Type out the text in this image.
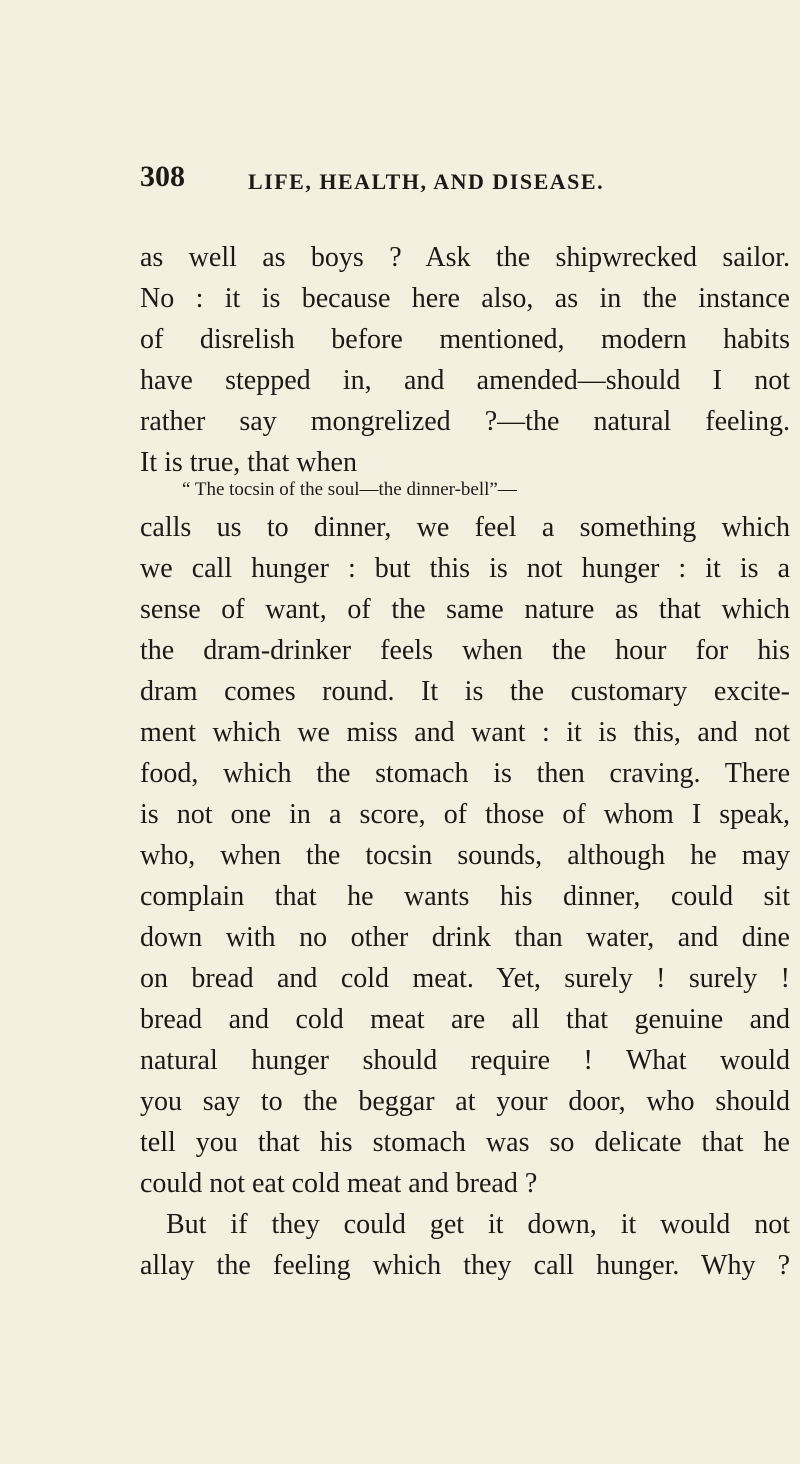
308	LIFE, HEALTH, AND DISEASE.
as well as boys ? Ask the shipwrecked sailor.
No : it is because here also, as in the instance
of disrelish before mentioned, modern habits
have stepped in, and amended—should I not
rather say mongrelized ?—the natural feeling.
It is true, that when
“ The tocsin of the soul—the dinner-bell”—
calls us to dinner, we feel a something which
we call hunger : but this is not hunger : it is a
sense of want, of the same nature as that which
the dram-drinker feels when the hour for his
dram comes round. It is the customary excite-
ment which we miss and want : it is this, and not
food, which the stomach is then craving. There
is not one in a score, of those of whom I speak,
who, when the tocsin sounds, although he may
complain that he wants his dinner, could sit
down with no other drink than water, and dine
on bread and cold meat. Yet, surely ! surely !
bread and cold meat are all that genuine and
natural hunger should require ! What would
you say to the beggar at your door, who should
tell you that his stomach was so delicate that he
could not eat cold meat and bread ?
But if they could get it down, it would not
allay the feeling which they call hunger. Why ?
